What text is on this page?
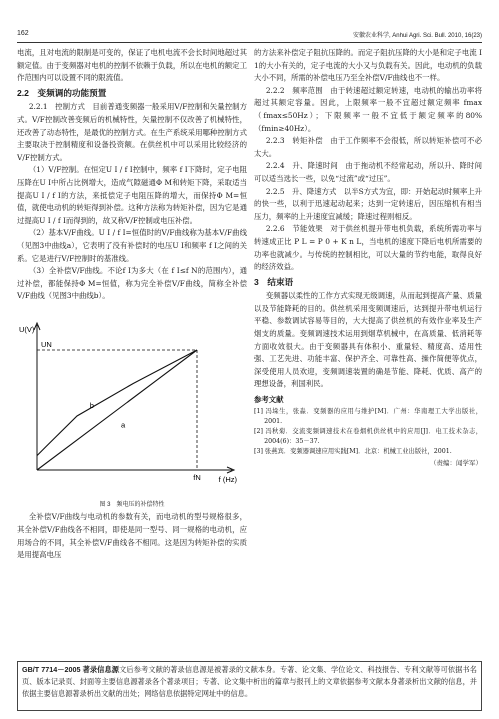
162	安徽农业科学, Anhui Agri. Sci. Bull. 2010, 16(23)

电流，且对电流的限制是可变的，保证了电机电流不会长时间地超过其额定值。由于变频器对电机的控制不依赖于负载，所以在电机的额定工作范围内可以设置不同的限流值。

2.2　变频调的功能预置

2.2.1　控制方式　目前普通变频器一般采用V/F控制和矢量控制方式。V/F控制改善变频后的机械特性，矢量控制不仅改善了机械特性，还改善了动态特性，是最优的控制方式。在生产系统采用哪种控制方式主要取决于控制精度和设备投资额。在供丝机中可以采用比较经济的V/F控制方式。

（1）V/F控制。在恒定U I / f I控制中，频率 f I下降时，定子电阻压降在U I中所占比例增大，造成气隙磁通Φ M和转矩下降，采取适当提高U I / f I的方法，来抵偿定子电阻压降的增大，而保持Φ M=恒值，就使电动机的转矩得到补偿。这种方法称为转矩补偿，因为它是通过提高U I / f I而得到的，故又称V/F控制或电压补偿。

（2）基本V/F曲线。U I / f I=恒值时的V/F曲线称为基本V/F曲线（见图3中曲线a），它表明了没有补偿时的电压U I和频率 f I之间的关系。它是进行V/F控制时的基准线。

（3）全补偿V/F曲线。不论f I为多大（在 f I≤f N的范围内），通过补偿，都能保持Φ M=恒值，称为完全补偿V/F曲线，简称全补偿V/F曲线（见图3中曲线b）。

U(V)
UN
fN f (Hz)
b
a

图 3　频电压的补偿特性

全补偿V/F曲线与电动机的参数有关，而电动机的型号规格很多，其全补偿V/F曲线各不相同，即使是同一型号、同一规格的电动机，应用场合的不同，其全补偿V/F曲线各不相同。这是因为转矩补偿的实质是用提高电压

的方法来补偿定子阻抗压降的。而定子阻抗压降的大小是和定子电流 I 1的大小有关的，定子电流的大小又与负载有关。因此，电动机的负载大小不同，所需的补偿电压乃至全补偿V/F曲线也不一样。

2.2.2　频率范围　由于转速超过额定转速，电动机的输出功率将超过其额定容量。因此，上限频率一般不宜超过额定频率 fmax（fmax≤50Hz）；下限频率一般不宜低于额定频率的80%（fmin≥40Hz）。

2.2.3　转矩补偿　由于工作频率不会很低，所以转矩补偿可不必太大。

2.2.4　升、降速时间　由于拖动机不经常起动，所以升、降时间可以适当选长一些，以免“过流”或“过压”。

2.2.5　升、降速方式　以半S方式为宜，即：开始起动时频率上升的快一些，以利于迅速起动起来；达到一定转速后，因压缩机有相当压力，频率的上升速度宜减缓；降速过程则相反。

2.2.6　节能效果　对于供丝机提升带电机负载，系统所需功率与转速成正比 P L = P 0 + K n L，当电机的速度下降后电机所需要的功率也就减少。与传统的控制相比，可以大量的节约电能，取得良好的经济效益。

3　结束语

变频器以柔性的工作方式实现无级调速，从而起到提高产量、质量以及节能降耗的目的。供丝机采用变频调速后，达到提升带电机运行平稳、参数调试容易等目的，大大提高了供丝机的有效作业率及生产烟支的质量。变频调速技术运用到烟草机械中，在高质量、低消耗等方面收效很大。由于变频器具有体积小、重量轻、精度高、适用性强、工艺先进、功能丰富、保护齐全、可靠性高、操作简便等优点，深受使用人员欢迎，变频调速装置的确是节能、降耗、优质、高产的理想设备，利国利民。

参考文献

[1] 冯垛生，张淼．变频器的应用与维护[M]．广州：华南理工大学出版社，2001.

[2] 冯秋菊．交流变频调速技术在卷烟机供丝机中的应用[J]．电工技术杂志，2004(6)：35－37.

[3] 张燕宾．变频器调速应用实践[M]．北京：机械工业出版社，2001.

（责编：闻学军）

GB/T 7714－2005 著录信息源文后参考文献的著录信息源是被著录的文献本身。专著、论文集、学位论文、科技报告、专利文献等可依据书名页、版本记录页、封面等主要信息源著录各个著录项目；专著、论文集中析出的篇章与报刊上的文章依据参考文献本身著录析出文献的信息，并依据主要信息源著录析出文献的出处；网络信息依据特定网址中的信息。
